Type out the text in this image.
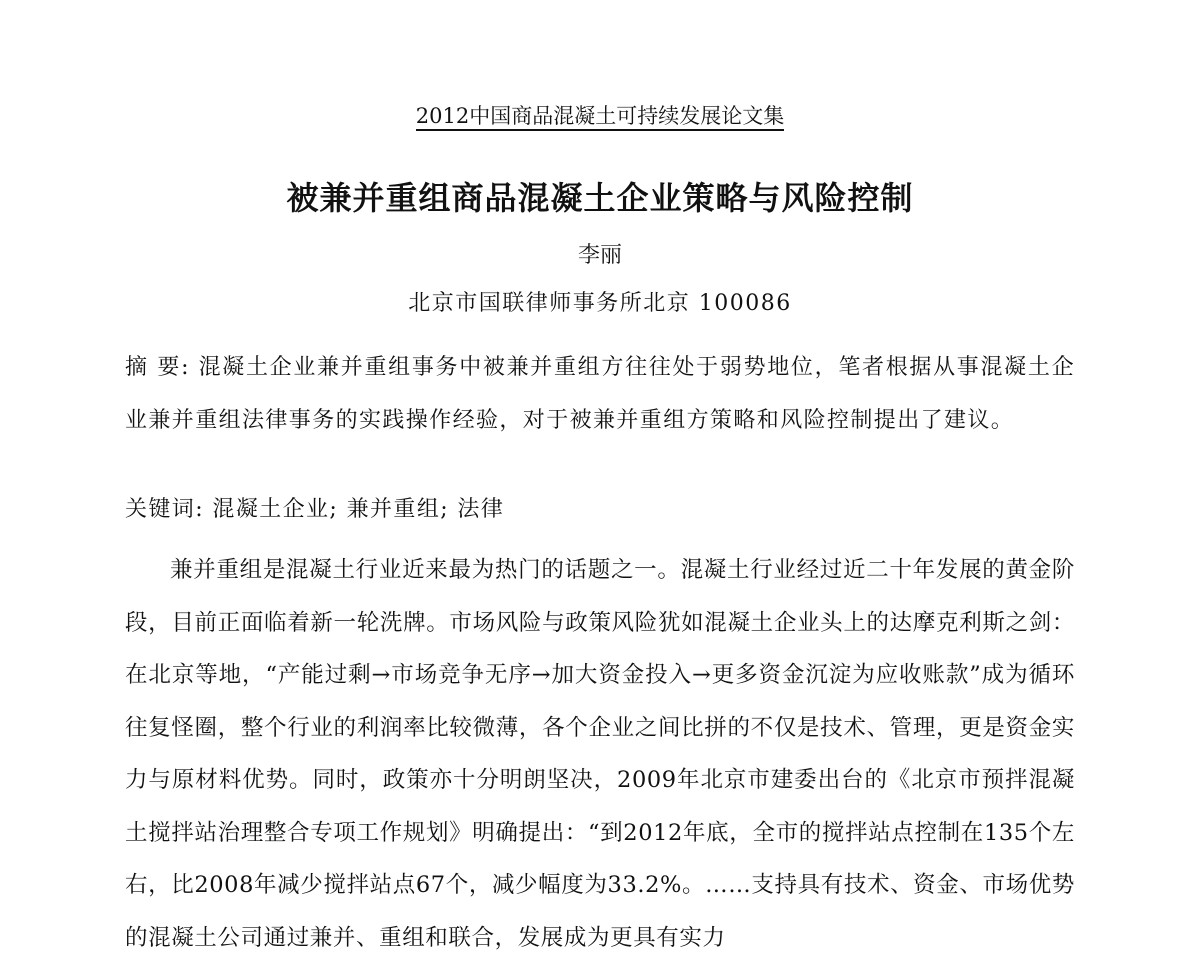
2012中国商品混凝土可持续发展论文集
被兼并重组商品混凝土企业策略与风险控制
李丽
北京市国联律师事务所北京 100086

摘 要: 混凝土企业兼并重组事务中被兼并重组方往往处于弱势地位，笔者根据从事混凝土企业兼并重组法律事务的实践操作经验，对于被兼并重组方策略和风险控制提出了建议。

关键词: 混凝土企业; 兼并重组; 法律

兼并重组是混凝土行业近来最为热门的话题之一。混凝土行业经过近二十年发展的黄金阶段，目前正面临着新一轮洗牌。市场风险与政策风险犹如混凝土企业头上的达摩克利斯之剑：在北京等地，“产能过剩→市场竞争无序→加大资金投入→更多资金沉淀为应收账款”成为循环往复怪圈，整个行业的利润率比较微薄，各个企业之间比拼的不仅是技术、管理，更是资金实力与原材料优势。同时，政策亦十分明朗坚决，2009年北京市建委出台的《北京市预拌混凝土搅拌站治理整合专项工作规划》明确提出：“到2012年底，全市的搅拌站点控制在135个左右，比2008年减少搅拌站点67个，减少幅度为33.2%。……支持具有技术、资金、市场优势的混凝土公司通过兼并、重组和联合，发展成为更具有实力
